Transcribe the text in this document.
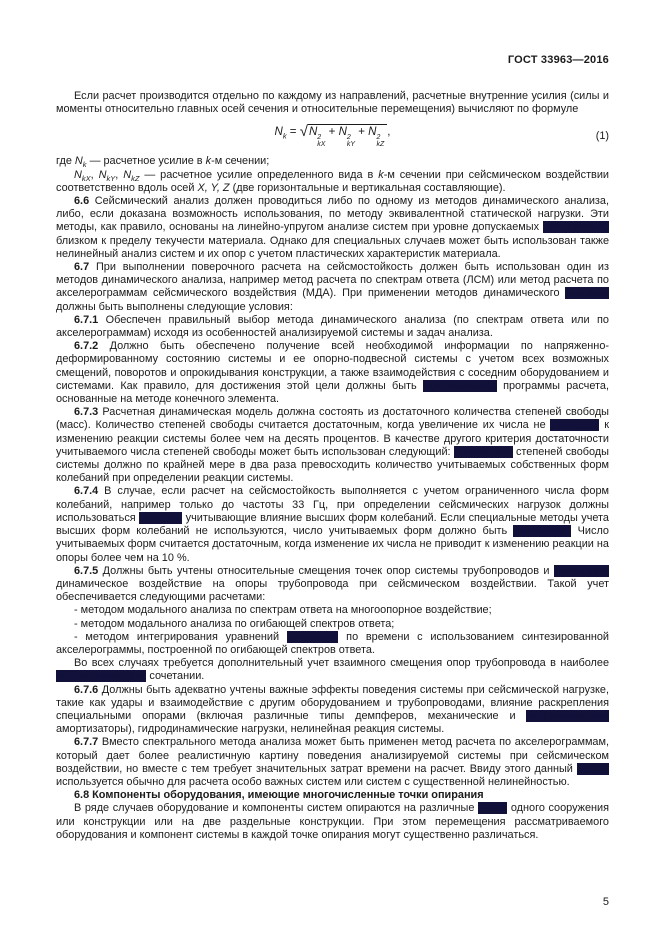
ГОСТ 33963—2016

Если расчет производится отдельно по каждому из направлений, расчетные внутренние усилия (силы и моменты относительно главных осей сечения и относительные перемещения) вычисляют по формуле

$N_k = √N$ 2
kX
+ N 2
kY
+ N 2
kZ
,	(1)

где $N_k$ — расчетное усилие в k-м сечении;

$N_{kX}$, $N_{kY}$, $N_{kZ}$ — расчетное усилие определенного вида в k-м сечении при сейсмическом воздействии соответственно вдоль осей X, Y, Z (две горизонтальные и вертикальная составляющие).

6.6 Сейсмический анализ должен проводиться либо по одному из методов динамического анализа, либо, если доказана возможность использования, по методу эквивалентной статической нагрузки. Эти методы, как правило, основаны на линейно-упругом анализе систем при уровне допускаемых напряжений, близком к пределу текучести материала. Однако для специальных случаев может быть использован также нелинейный анализ систем и их опор с учетом пластических характеристик материала.

6.7 При выполнении поверочного расчета на сейсмостойкость должен быть использован один из методов динамического анализа, например метод расчета по спектрам ответа (ЛСМ) или метод расчета по акселерограммам сейсмического воздействия (МДА). При применении методов динамического анализа должны быть выполнены следующие условия:

6.7.1 Обеспечен правильный выбор метода динамического анализа (по спектрам ответа или по акселерограммам) исходя из особенностей анализируемой системы и задач анализа.

6.7.2 Должно быть обеспечено получение всей необходимой информации по напряженно-деформированному состоянию системы и ее опорно-подвесной системы с учетом всех возможных смещений, поворотов и опрокидывания конструкции, а также взаимодействия с соседним оборудованием и системами. Как правило, для достижения этой цели должны быть использованы программы расчета, основанные на методе конечного элемента.

6.7.3 Расчетная динамическая модель должна состоять из достаточного количества степеней свободы (масс). Количество степеней свободы считается достаточным, когда увеличение их числа не приводит к изменению реакции системы более чем на десять процентов. В качестве другого критерия достаточности учитываемого числа степеней свободы может быть использован следующий: количество степеней свободы системы должно по крайней мере в два раза превосходить количество учитываемых собственных форм колебаний при определении реакции системы.

6.7.4 В случае, если расчет на сейсмостойкость выполняется с учетом ограниченного числа форм колебаний, например только до частоты 33 Гц, при определении сейсмических нагрузок должны использоваться методы, учитывающие влияние высших форм колебаний. Если специальные методы учета высших форм колебаний не используются, число учитываемых форм должно быть увеличено. Число учитываемых форм считается достаточным, когда изменение их числа не приводит к изменению реакции на опоры более чем на 10 %.

6.7.5 Должны быть учтены относительные смещения точек опор системы трубопроводов и различное динамическое воздействие на опоры трубопровода при сейсмическом воздействии. Такой учет обеспечивается следующими расчетами:

- методом модального анализа по спектрам ответа на многоопорное воздействие;

- методом модального анализа по огибающей спектров ответа;

- методом интегрирования уравнений движения по времени с использованием синтезированной акселерограммы, построенной по огибающей спектров ответа.

Во всех случаях требуется дополнительный учет взаимного смещения опор трубопровода в наиболее неблагоприятном сочетании.

6.7.6 Должны быть адекватно учтены важные эффекты поведения системы при сейсмической нагрузке, такие как удары и взаимодействие с другим оборудованием и трубопроводами, влияние раскрепления специальными опорами (включая различные типы демпферов, механические и гидравлические амортизаторы), гидродинамические нагрузки, нелинейная реакция системы.

6.7.7 Вместо спектрального метода анализа может быть применен метод расчета по акселерограммам, который дает более реалистичную картину поведения анализируемой системы при сейсмическом воздействии, но вместе с тем требует значительных затрат времени на расчет. Ввиду этого данный метод используется обычно для расчета особо важных систем или систем с существенной нелинейностью.

6.8 Компоненты оборудования, имеющие многочисленные точки опирания

В ряде случаев оборудование и компоненты систем опираются на различные точки одного сооружения или конструкции или на две раздельные конструкции. При этом перемещения рассматриваемого оборудования и компонент системы в каждой точке опирания могут существенно различаться.

5
